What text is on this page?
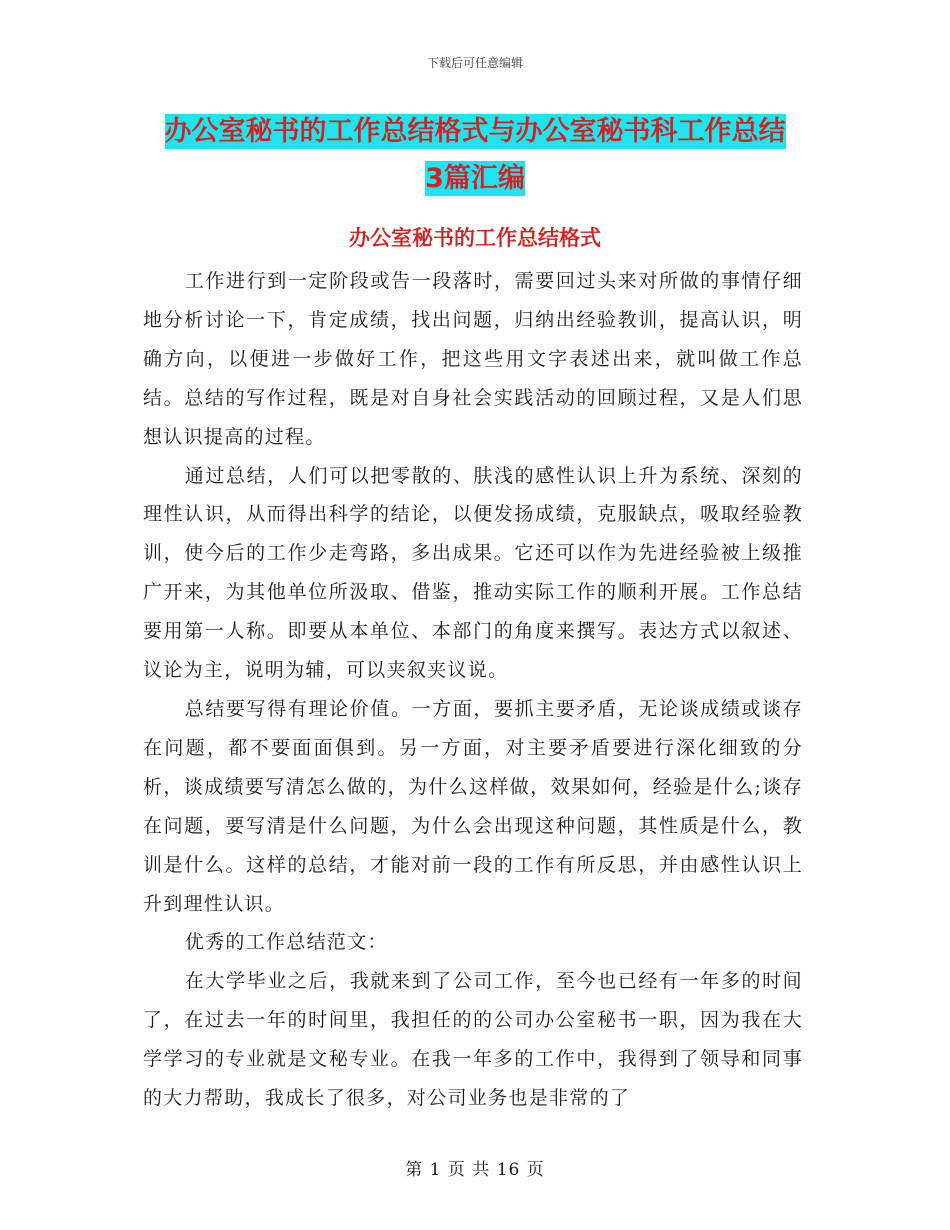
下载后可任意编辑
办公室秘书的工作总结格式与办公室秘书科工作总结
3篇汇编
办公室秘书的工作总结格式

工作进行到一定阶段或告一段落时，需要回过头来对所做的事情仔细地分析讨论一下，肯定成绩，找出问题，归纳出经验教训，提高认识，明确方向，以便进一步做好工作，把这些用文字表述出来，就叫做工作总结。总结的写作过程，既是对自身社会实践活动的回顾过程，又是人们思想认识提高的过程。

通过总结，人们可以把零散的、肤浅的感性认识上升为系统、深刻的理性认识，从而得出科学的结论，以便发扬成绩，克服缺点，吸取经验教训，使今后的工作少走弯路，多出成果。它还可以作为先进经验被上级推广开来，为其他单位所汲取、借鉴，推动实际工作的顺利开展。工作总结要用第一人称。即要从本单位、本部门的角度来撰写。表达方式以叙述、议论为主，说明为辅，可以夹叙夹议说。

总结要写得有理论价值。一方面，要抓主要矛盾，无论谈成绩或谈存在问题，都不要面面俱到。另一方面，对主要矛盾要进行深化细致的分析，谈成绩要写清怎么做的，为什么这样做，效果如何，经验是什么;谈存在问题，要写清是什么问题，为什么会出现这种问题，其性质是什么，教训是什么。这样的总结，才能对前一段的工作有所反思，并由感性认识上升到理性认识。

优秀的工作总结范文：

在大学毕业之后，我就来到了公司工作，至今也已经有一年多的时间了，在过去一年的时间里，我担任的的公司办公室秘书一职，因为我在大学学习的专业就是文秘专业。在我一年多的工作中，我得到了领导和同事的大力帮助，我成长了很多，对公司业务也是非常的了

第 1 页 共 16 页
